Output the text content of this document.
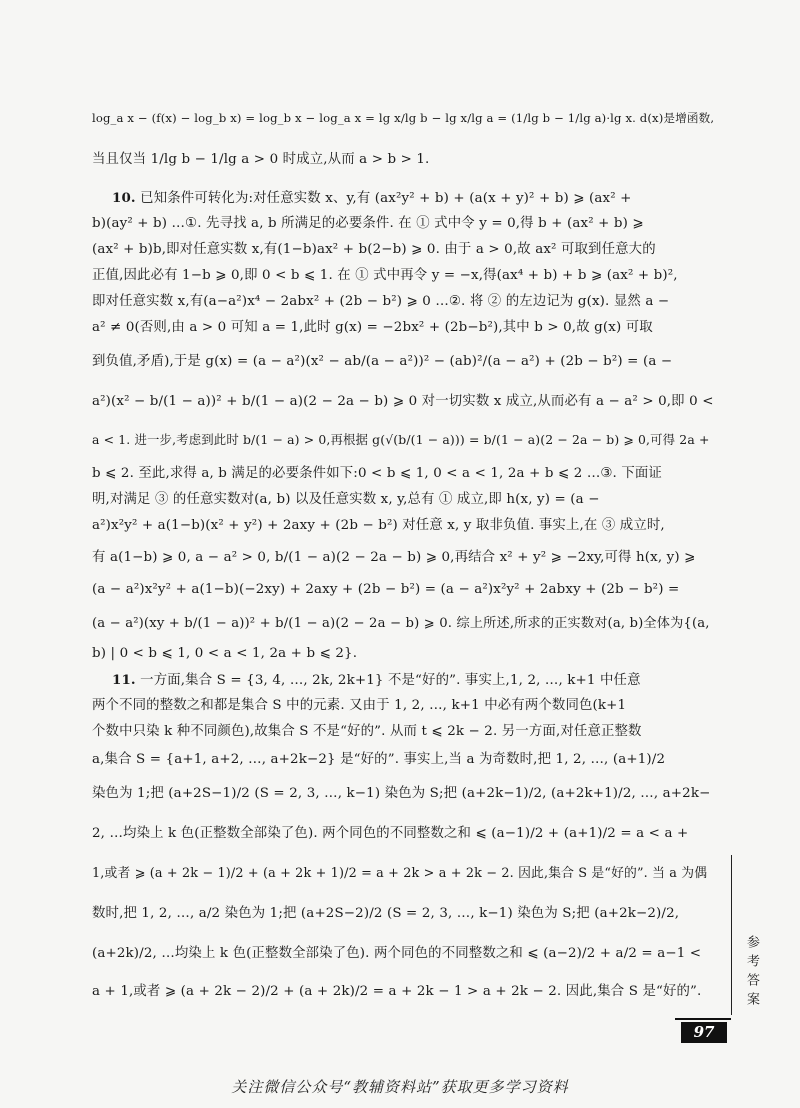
log_a x − (f(x) − log_b x) = log_b x − log_a x = lg x/lg b − lg x/lg a = (1/lg b − 1/lg a)·lg x. d(x)是增函数,
当且仅当 1/lg b − 1/lg a > 0 时成立,从而 a > b > 1.
10. 已知条件可转化为:对任意实数 x、y,有 (ax²y² + b) + (a(x + y)² + b) ⩾ (ax² +
b)(ay² + b) …①. 先寻找 a, b 所满足的必要条件. 在 ① 式中令 y = 0,得 b + (ax² + b) ⩾
(ax² + b)b,即对任意实数 x,有(1−b)ax² + b(2−b) ⩾ 0. 由于 a > 0,故 ax² 可取到任意大的
正值,因此必有 1−b ⩾ 0,即 0 < b ⩽ 1. 在 ① 式中再令 y = −x,得(ax⁴ + b) + b ⩾ (ax² + b)²,
即对任意实数 x,有(a−a²)x⁴ − 2abx² + (2b − b²) ⩾ 0 …②. 将 ② 的左边记为 g(x). 显然 a −
a² ≠ 0(否则,由 a > 0 可知 a = 1,此时 g(x) = −2bx² + (2b−b²),其中 b > 0,故 g(x) 可取
到负值,矛盾),于是 g(x) = (a − a²)(x² − ab/(a − a²))² − (ab)²/(a − a²) + (2b − b²) = (a −
a²)(x² − b/(1 − a))² + b/(1 − a)(2 − 2a − b) ⩾ 0 对一切实数 x 成立,从而必有 a − a² > 0,即 0 <
a < 1. 进一步,考虑到此时 b/(1 − a) > 0,再根据 g(√(b/(1 − a))) = b/(1 − a)(2 − 2a − b) ⩾ 0,可得 2a +
b ⩽ 2. 至此,求得 a, b 满足的必要条件如下:0 < b ⩽ 1, 0 < a < 1, 2a + b ⩽ 2 …③. 下面证
明,对满足 ③ 的任意实数对(a, b) 以及任意实数 x, y,总有 ① 成立,即 h(x, y) = (a −
a²)x²y² + a(1−b)(x² + y²) + 2axy + (2b − b²) 对任意 x, y 取非负值. 事实上,在 ③ 成立时,
有 a(1−b) ⩾ 0, a − a² > 0, b/(1 − a)(2 − 2a − b) ⩾ 0,再结合 x² + y² ⩾ −2xy,可得 h(x, y) ⩾
(a − a²)x²y² + a(1−b)(−2xy) + 2axy + (2b − b²) = (a − a²)x²y² + 2abxy + (2b − b²) =
(a − a²)(xy + b/(1 − a))² + b/(1 − a)(2 − 2a − b) ⩾ 0. 综上所述,所求的正实数对(a, b)全体为{(a,
b) | 0 < b ⩽ 1, 0 < a < 1, 2a + b ⩽ 2}.
11. 一方面,集合 S = {3, 4, …, 2k, 2k+1} 不是“好的”. 事实上,1, 2, …, k+1 中任意
两个不同的整数之和都是集合 S 中的元素. 又由于 1, 2, …, k+1 中必有两个数同色(k+1
个数中只染 k 种不同颜色),故集合 S 不是“好的”. 从而 t ⩽ 2k − 2. 另一方面,对任意正整数
a,集合 S = {a+1, a+2, …, a+2k−2} 是“好的”. 事实上,当 a 为奇数时,把 1, 2, …, (a+1)/2
染色为 1;把 (a+2S−1)/2 (S = 2, 3, …, k−1) 染色为 S;把 (a+2k−1)/2, (a+2k+1)/2, …, a+2k−
2, …均染上 k 色(正整数全部染了色). 两个同色的不同整数之和 ⩽ (a−1)/2 + (a+1)/2 = a < a +
1,或者 ⩾ (a + 2k − 1)/2 + (a + 2k + 1)/2 = a + 2k > a + 2k − 2. 因此,集合 S 是“好的”. 当 a 为偶
数时,把 1, 2, …, a/2 染色为 1;把 (a+2S−2)/2 (S = 2, 3, …, k−1) 染色为 S;把 (a+2k−2)/2,
(a+2k)/2, …均染上 k 色(正整数全部染了色). 两个同色的不同整数之和 ⩽ (a−2)/2 + a/2 = a−1 <
a + 1,或者 ⩾ (a + 2k − 2)/2 + (a + 2k)/2 = a + 2k − 1 > a + 2k − 2. 因此,集合 S 是“好的”.	参考答案
97
关注微信公众号“教辅资料站”获取更多学习资料
